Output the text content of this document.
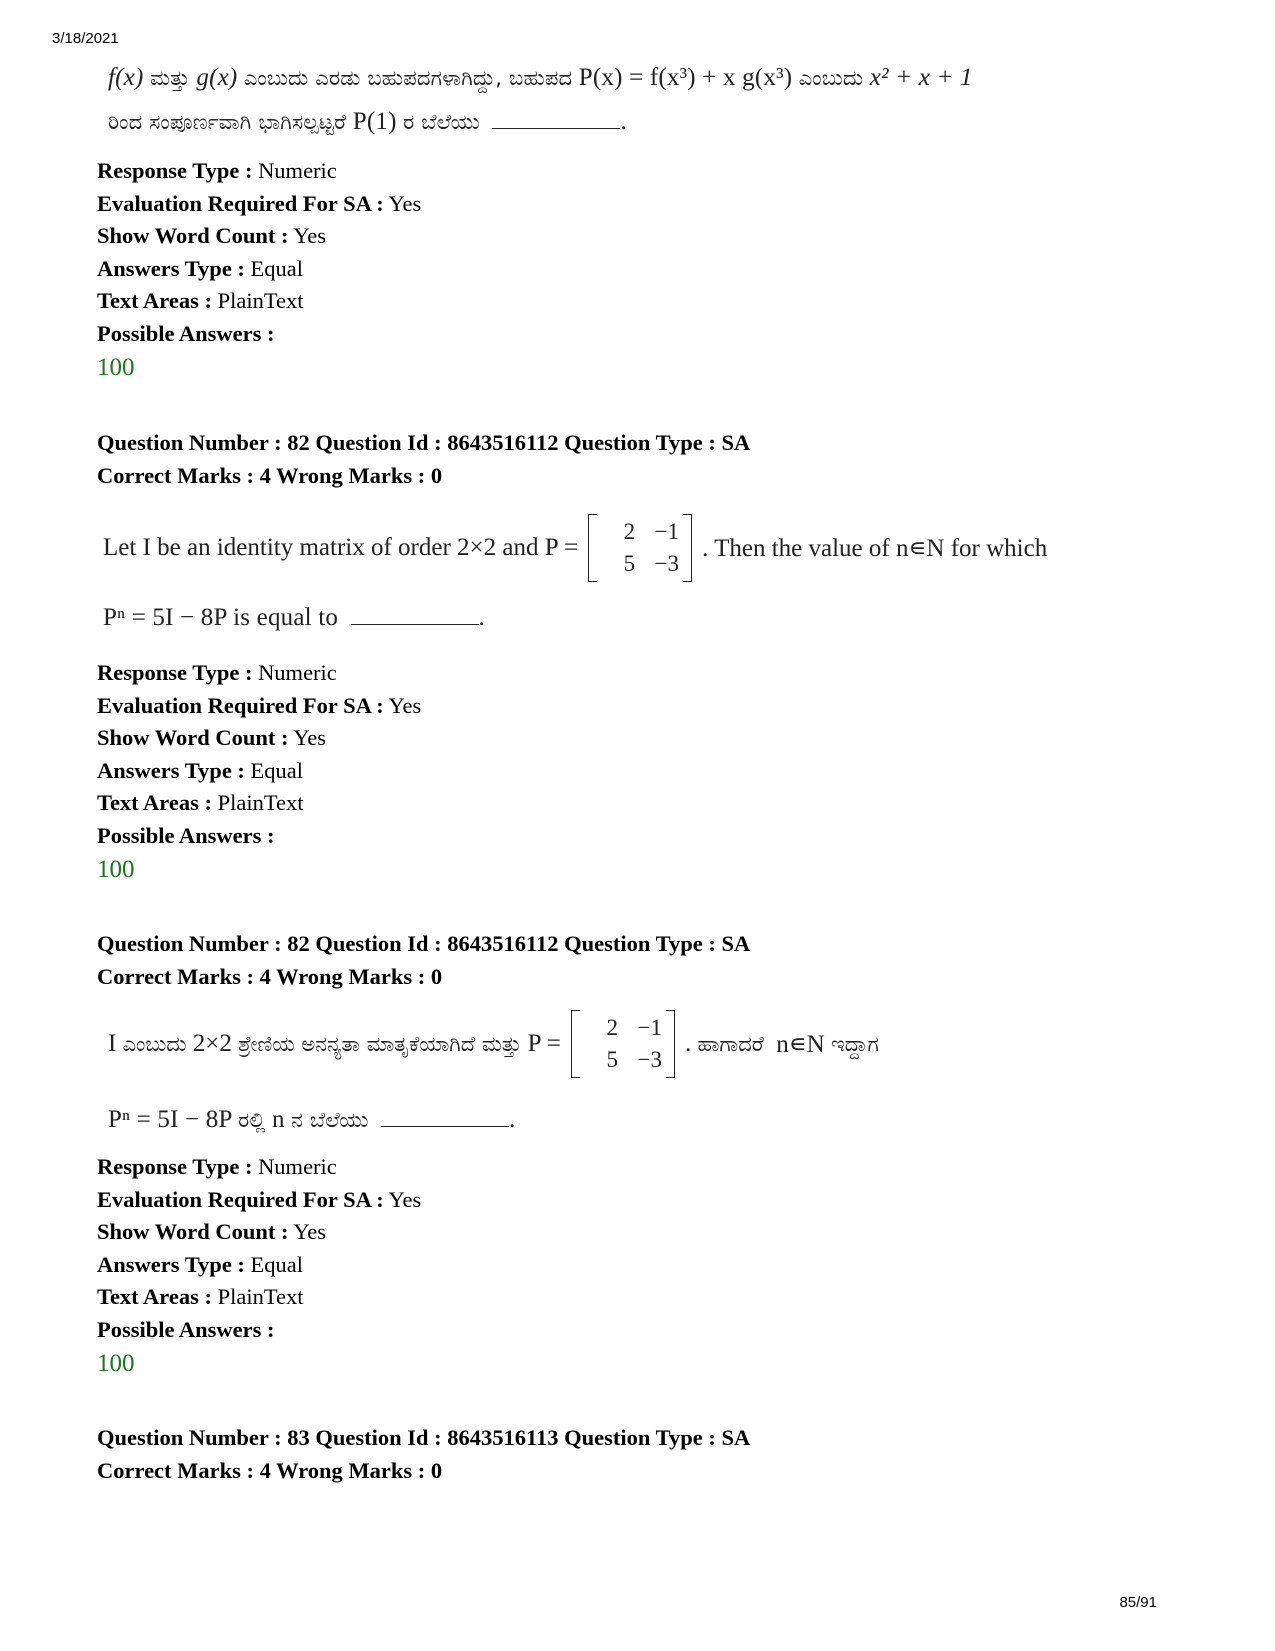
3/18/2021
f(x) ಮತ್ತು g(x) ಎಂಬುದು ಎರಡು ಬಹುಪದಗಳಾಗಿದ್ದು, ಬಹುಪದ P(x) = f(x³) + x g(x³) ಎಂಬುದು x² + x + 1
ರಿಂದ ಸಂಪೂರ್ಣವಾಗಿ ಭಾಗಿಸಲ್ಪಟ್ಟರೆ P(1) ರ ಬೆಲೆಯು	.
Response Type : Numeric
Evaluation Required For SA : Yes
Show Word Count : Yes
Answers Type : Equal
Text Areas : PlainText
Possible Answers :
100
Question Number : 82 Question Id : 8643516112 Question Type : SA
Correct Marks : 4 Wrong Marks : 0
Let I be an identity matrix of order 2×2 and P =
2 −1
5 −3
. Then the value of n∊N for which
Pⁿ = 5I − 8P is equal to	.
Response Type : Numeric
Evaluation Required For SA : Yes
Show Word Count : Yes
Answers Type : Equal
Text Areas : PlainText
Possible Answers :
100
Question Number : 82 Question Id : 8643516112 Question Type : SA
Correct Marks : 4 Wrong Marks : 0
I
ಎಂಬುದು
2×2
ಶ್ರೇಣಿಯ ಅನನ್ಯತಾ ಮಾತೃಕೆಯಾಗಿದೆ ಮತ್ತು
P =
2 −1
5 −3
.
ಹಾಗಾದರೆ
n∊N
ಇದ್ದಾಗ
Pⁿ = 5I − 8P ರಲ್ಲಿ n ನ ಬೆಲೆಯು	.
Response Type : Numeric
Evaluation Required For SA : Yes
Show Word Count : Yes
Answers Type : Equal
Text Areas : PlainText
Possible Answers :
100
Question Number : 83 Question Id : 8643516113 Question Type : SA
Correct Marks : 4 Wrong Marks : 0
85/91
